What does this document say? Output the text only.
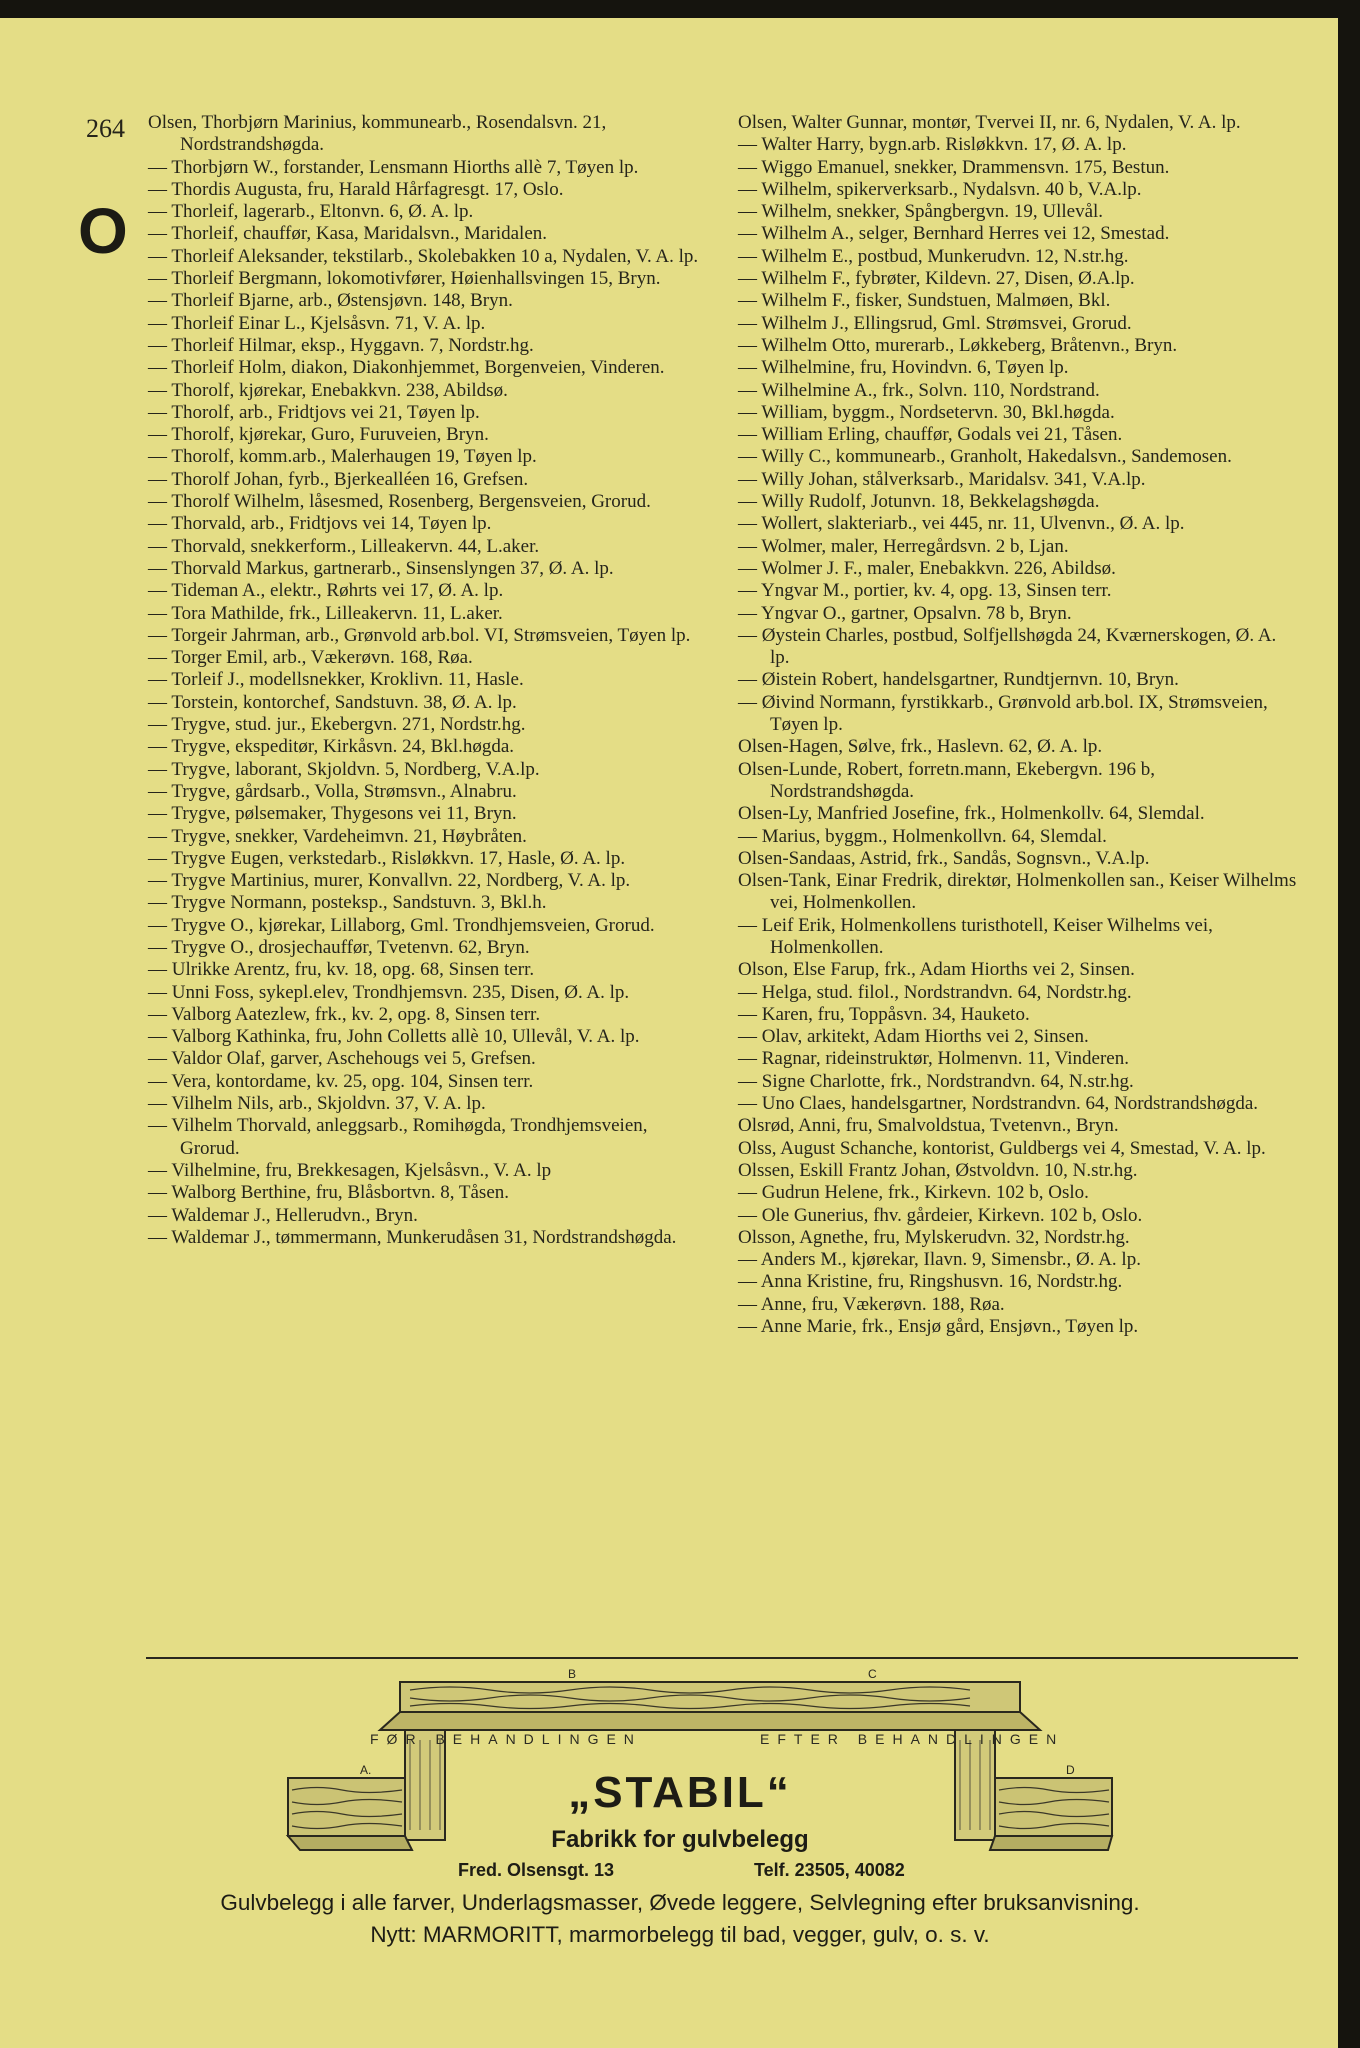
264
O
Olsen, Thorbjørn Marinius, kommunearb., Rosendalsvn. 21, Nordstrandshøgda.
— Thorbjørn W., forstander, Lensmann Hiorths allè 7, Tøyen lp.
— Thordis Augusta, fru, Harald Hårfagresgt. 17, Oslo.
— Thorleif, lagerarb., Eltonvn. 6, Ø. A. lp.
— Thorleif, chauffør, Kasa, Maridalsvn., Maridalen.
— Thorleif Aleksander, tekstilarb., Skolebakken 10 a, Nydalen, V. A. lp.
— Thorleif Bergmann, lokomotivfører, Høienhallsvingen 15, Bryn.
— Thorleif Bjarne, arb., Østensjøvn. 148, Bryn.
— Thorleif Einar L., Kjelsåsvn. 71, V. A. lp.
— Thorleif Hilmar, eksp., Hyggavn. 7, Nordstr.hg.
— Thorleif Holm, diakon, Diakonhjemmet, Borgenveien, Vinderen.
— Thorolf, kjørekar, Enebakkvn. 238, Abildsø.
— Thorolf, arb., Fridtjovs vei 21, Tøyen lp.
— Thorolf, kjørekar, Guro, Furuveien, Bryn.
— Thorolf, komm.arb., Malerhaugen 19, Tøyen lp.
— Thorolf Johan, fyrb., Bjerkealléen 16, Grefsen.
— Thorolf Wilhelm, låsesmed, Rosenberg, Bergensveien, Grorud.
— Thorvald, arb., Fridtjovs vei 14, Tøyen lp.
— Thorvald, snekkerform., Lilleakervn. 44, L.aker.
— Thorvald Markus, gartnerarb., Sinsenslyngen 37, Ø. A. lp.
— Tideman A., elektr., Røhrts vei 17, Ø. A. lp.
— Tora Mathilde, frk., Lilleakervn. 11, L.aker.
— Torgeir Jahrman, arb., Grønvold arb.bol. VI, Strømsveien, Tøyen lp.
— Torger Emil, arb., Vækerøvn. 168, Røa.
— Torleif J., modellsnekker, Kroklivn. 11, Hasle.
— Torstein, kontorchef, Sandstuvn. 38, Ø. A. lp.
— Trygve, stud. jur., Ekebergvn. 271, Nordstr.hg.
— Trygve, ekspeditør, Kirkåsvn. 24, Bkl.høgda.
— Trygve, laborant, Skjoldvn. 5, Nordberg, V.A.lp.
— Trygve, gårdsarb., Volla, Strømsvn., Alnabru.
— Trygve, pølsemaker, Thygesons vei 11, Bryn.
— Trygve, snekker, Vardeheimvn. 21, Høybråten.
— Trygve Eugen, verkstedarb., Risløkkvn. 17, Hasle, Ø. A. lp.
— Trygve Martinius, murer, Konvallvn. 22, Nordberg, V. A. lp.
— Trygve Normann, posteksp., Sandstuvn. 3, Bkl.h.
— Trygve O., kjørekar, Lillaborg, Gml. Trondhjemsveien, Grorud.
— Trygve O., drosjechauffør, Tvetenvn. 62, Bryn.
— Ulrikke Arentz, fru, kv. 18, opg. 68, Sinsen terr.
— Unni Foss, sykepl.elev, Trondhjemsvn. 235, Disen, Ø. A. lp.
— Valborg Aatezlew, frk., kv. 2, opg. 8, Sinsen terr.
— Valborg Kathinka, fru, John Colletts allè 10, Ullevål, V. A. lp.
— Valdor Olaf, garver, Aschehougs vei 5, Grefsen.
— Vera, kontordame, kv. 25, opg. 104, Sinsen terr.
— Vilhelm Nils, arb., Skjoldvn. 37, V. A. lp.
— Vilhelm Thorvald, anleggsarb., Romihøgda, Trondhjemsveien, Grorud.
— Vilhelmine, fru, Brekkesagen, Kjelsåsvn., V. A. lp
— Walborg Berthine, fru, Blåsbortvn. 8, Tåsen.
— Waldemar J., Hellerudvn., Bryn.
— Waldemar J., tømmermann, Munkerudåsen 31, Nordstrandshøgda.
Olsen, Walter Gunnar, montør, Tvervei II, nr. 6, Nydalen, V. A. lp.
— Walter Harry, bygn.arb. Risløkkvn. 17, Ø. A. lp.
— Wiggo Emanuel, snekker, Drammensvn. 175, Bestun.
— Wilhelm, spikerverksarb., Nydalsvn. 40 b, V.A.lp.
— Wilhelm, snekker, Spångbergvn. 19, Ullevål.
— Wilhelm A., selger, Bernhard Herres vei 12, Smestad.
— Wilhelm E., postbud, Munkerudvn. 12, N.str.hg.
— Wilhelm F., fybrøter, Kildevn. 27, Disen, Ø.A.lp.
— Wilhelm F., fisker, Sundstuen, Malmøen, Bkl.
— Wilhelm J., Ellingsrud, Gml. Strømsvei, Grorud.
— Wilhelm Otto, murerarb., Løkkeberg, Bråtenvn., Bryn.
— Wilhelmine, fru, Hovindvn. 6, Tøyen lp.
— Wilhelmine A., frk., Solvn. 110, Nordstrand.
— William, byggm., Nordsetervn. 30, Bkl.høgda.
— William Erling, chauffør, Godals vei 21, Tåsen.
— Willy C., kommunearb., Granholt, Hakedalsvn., Sandemosen.
— Willy Johan, stålverksarb., Maridalsv. 341, V.A.lp.
— Willy Rudolf, Jotunvn. 18, Bekkelagshøgda.
— Wollert, slakteriarb., vei 445, nr. 11, Ulvenvn., Ø. A. lp.
— Wolmer, maler, Herregårdsvn. 2 b, Ljan.
— Wolmer J. F., maler, Enebakkvn. 226, Abildsø.
— Yngvar M., portier, kv. 4, opg. 13, Sinsen terr.
— Yngvar O., gartner, Opsalvn. 78 b, Bryn.
— Øystein Charles, postbud, Solfjellshøgda 24, Kværnerskogen, Ø. A. lp.
— Øistein Robert, handelsgartner, Rundtjernvn. 10, Bryn.
— Øivind Normann, fyrstikkarb., Grønvold arb.bol. IX, Strømsveien, Tøyen lp.
Olsen-Hagen, Sølve, frk., Haslevn. 62, Ø. A. lp.
Olsen-Lunde, Robert, forretn.mann, Ekebergvn. 196 b, Nordstrandshøgda.
Olsen-Ly, Manfried Josefine, frk., Holmenkollv. 64, Slemdal.
— Marius, byggm., Holmenkollvn. 64, Slemdal.
Olsen-Sandaas, Astrid, frk., Sandås, Sognsvn., V.A.lp.
Olsen-Tank, Einar Fredrik, direktør, Holmenkollen san., Keiser Wilhelms vei, Holmenkollen.
— Leif Erik, Holmenkollens turisthotell, Keiser Wilhelms vei, Holmenkollen.
Olson, Else Farup, frk., Adam Hiorths vei 2, Sinsen.
— Helga, stud. filol., Nordstrandvn. 64, Nordstr.hg.
— Karen, fru, Toppåsvn. 34, Hauketo.
— Olav, arkitekt, Adam Hiorths vei 2, Sinsen.
— Ragnar, rideinstruktør, Holmenvn. 11, Vinderen.
— Signe Charlotte, frk., Nordstrandvn. 64, N.str.hg.
— Uno Claes, handelsgartner, Nordstrandvn. 64, Nordstrandshøgda.
Olsrød, Anni, fru, Smalvoldstua, Tvetenvn., Bryn.
Olss, August Schanche, kontorist, Guldbergs vei 4, Smestad, V. A. lp.
Olssen, Eskill Frantz Johan, Østvoldvn. 10, N.str.hg.
— Gudrun Helene, frk., Kirkevn. 102 b, Oslo.
— Ole Gunerius, fhv. gårdeier, Kirkevn. 102 b, Oslo.
Olsson, Agnethe, fru, Mylskerudvn. 32, Nordstr.hg.
— Anders M., kjørekar, Ilavn. 9, Simensbr., Ø. A. lp.
— Anna Kristine, fru, Ringshusvn. 16, Nordstr.hg.
— Anne, fru, Vækerøvn. 188, Røa.
— Anne Marie, frk., Ensjø gård, Ensjøvn., Tøyen lp.
B	C
A.	D
FØR BEHANDLINGEN	EFTER BEHANDLINGEN
„STABIL“
Fabrikk for gulvbelegg
Fred. Olsensgt. 13	Telf. 23505, 40082
Gulvbelegg i alle farver, Underlagsmasser, Øvede leggere, Selvlegning efter bruksanvisning.
Nytt: MARMORITT, marmorbelegg til bad, vegger, gulv, o. s. v.
